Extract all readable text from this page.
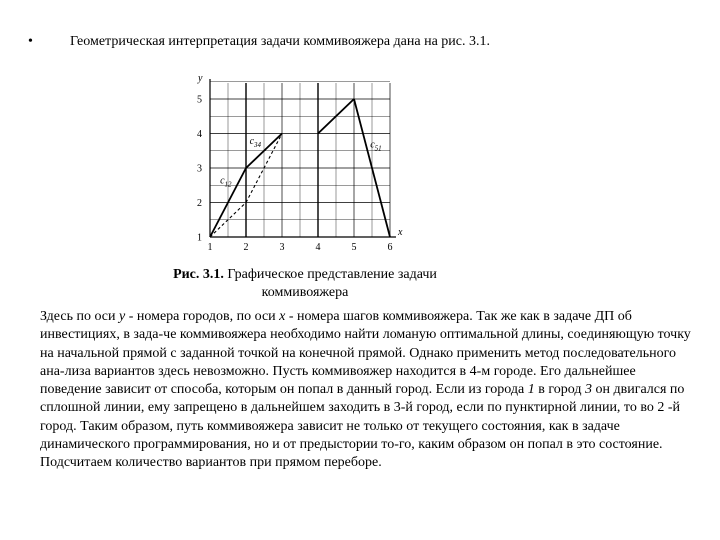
•	Геометрическая интерпретация задачи коммивояжера дана на рис. 3.1.
1	2	3	4	5	6
1
2
3
4
5
x
y
$c_{12}$
$c_{34}$	$c_{51}$
Рис. 3.1. Графическое представление задачи
коммивояжера

Здесь по оси y - номера городов, по оси x - номера шагов коммивояжера. Так же как в задаче ДП об инвестициях, в зада-че коммивояжера необходимо найти ломаную оптимальной длины, соединяющую точку на начальной прямой с заданной точкой на конечной прямой. Однако применить метод последовательного ана-лиза вариантов здесь невозможно. Пусть коммивояжер находится в 4-м городе. Его дальнейшее поведение зависит от способа, которым он попал в данный город. Если из города 1 в город 3 он двигался по сплошной линии, ему запрещено в дальнейшем заходить в 3-й город, если по пунктирной линии, то во 2 -й город. Таким образом, путь коммивояжера зависит не только от текущего состояния, как в задаче динамического программирования, но и от предыстории то-го, каким образом он попал в это состояние. Подсчитаем количество вариантов при прямом переборе.
